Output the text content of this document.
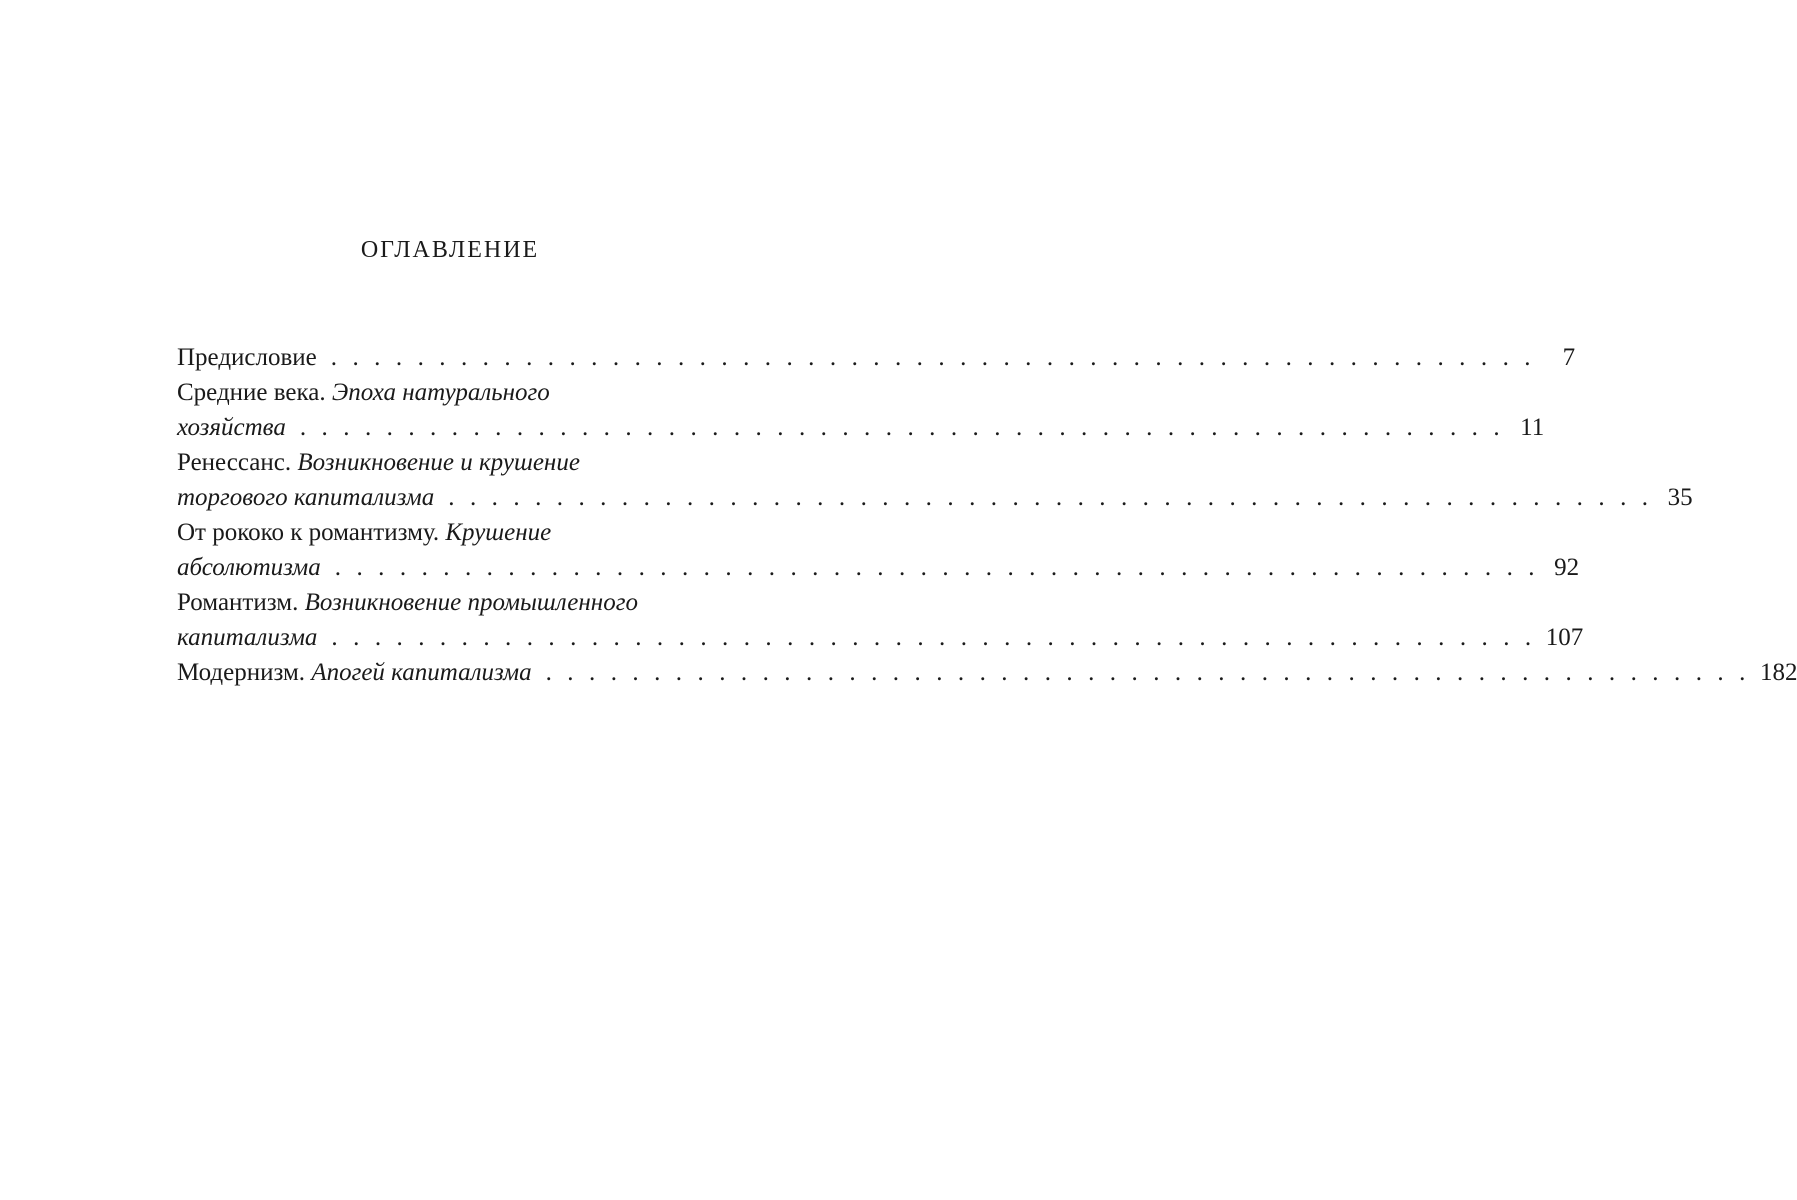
оглавление
Предисловие . . . . . . . . . . . . . . . . . . . . . . . . . . . . . . . . . . . . . . . . . . . . . . . . . . . . . . . .	7
Средние века. Эпоха натурального
хозяйства . . . . . . . . . . . . . . . . . . . . . . . . . . . . . . . . . . . . . . . . . . . . . . . . . . . . . . . . 11
Ренессанс. Возникновение и крушение
торгового капитализма . . . . . . . . . . . . . . . . . . . . . . . . . . . . . . . . . . . . . . . . . . . . . . . . . . . . . . . . 35
От рококо к романтизму. Крушение
абсолютизма . . . . . . . . . . . . . . . . . . . . . . . . . . . . . . . . . . . . . . . . . . . . . . . . . . . . . . . . 92
Романтизм. Возникновение промышленного
капитализма . . . . . . . . . . . . . . . . . . . . . . . . . . . . . . . . . . . . . . . . . . . . . . . . . . . . . . . . 107
Модернизм. Апогей капитализма . . . . . . . . . . . . . . . . . . . . . . . . . . . . . . . . . . . . . . . . . . . . . . . . . . . . . . . . 182
